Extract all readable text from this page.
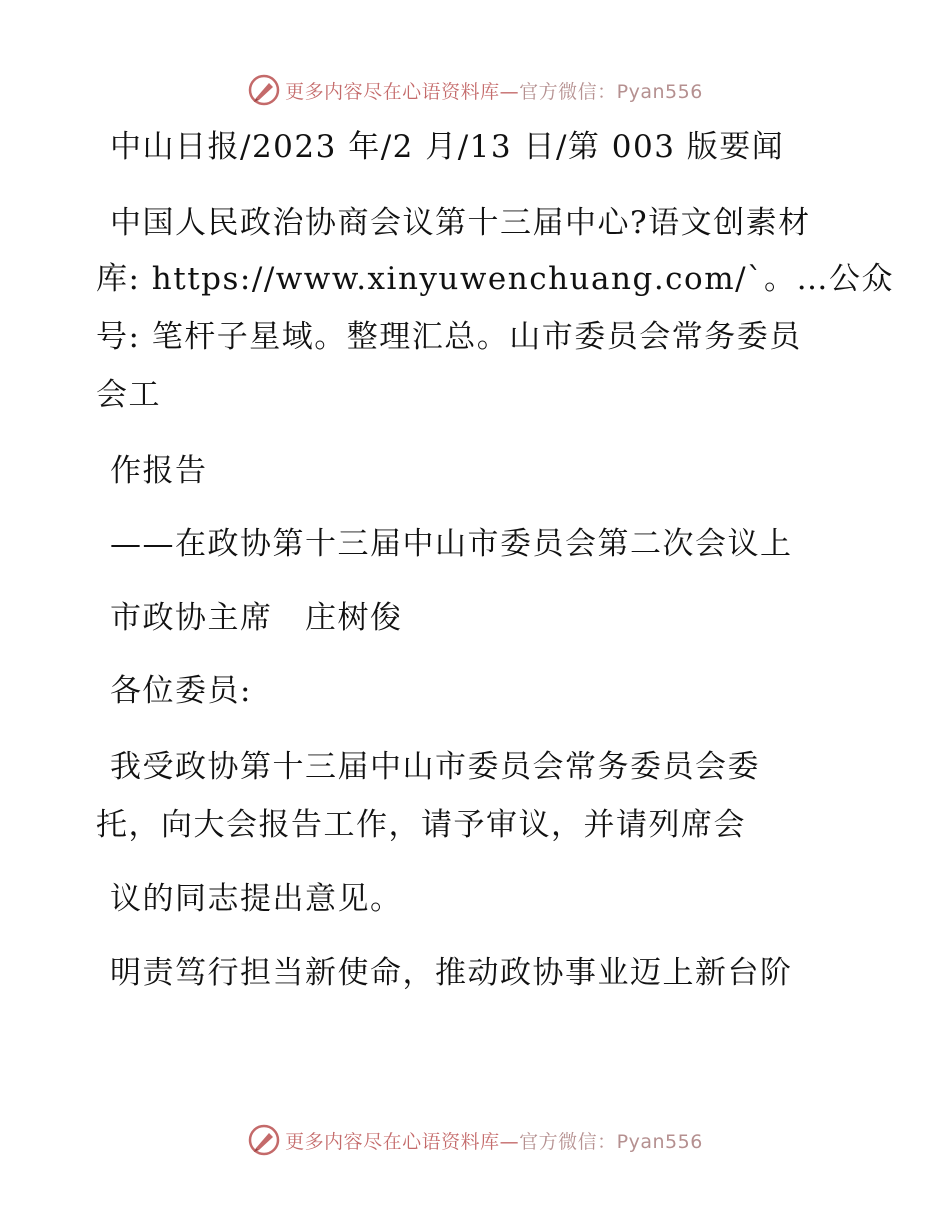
更多内容尽在心语资料库—官方微信：Pyan556
中山日报/2023 年/2 月/13 日/第 003 版要闻
中国人民政治协商会议第十三届中心?语文创素材
库: https://www.xinyuwenchuang.com/`。…公众
号: 笔杆子星域。整理汇总。山市委员会常务委员
会工
作报告
——在政协第十三届中山市委员会第二次会议上
市政协主席　庄树俊
各位委员:
我受政协第十三届中山市委员会常务委员会委
托，向大会报告工作，请予审议，并请列席会
议的同志提出意见。
明责笃行担当新使命，推动政协事业迈上新台阶
更多内容尽在心语资料库—官方微信：Pyan556
